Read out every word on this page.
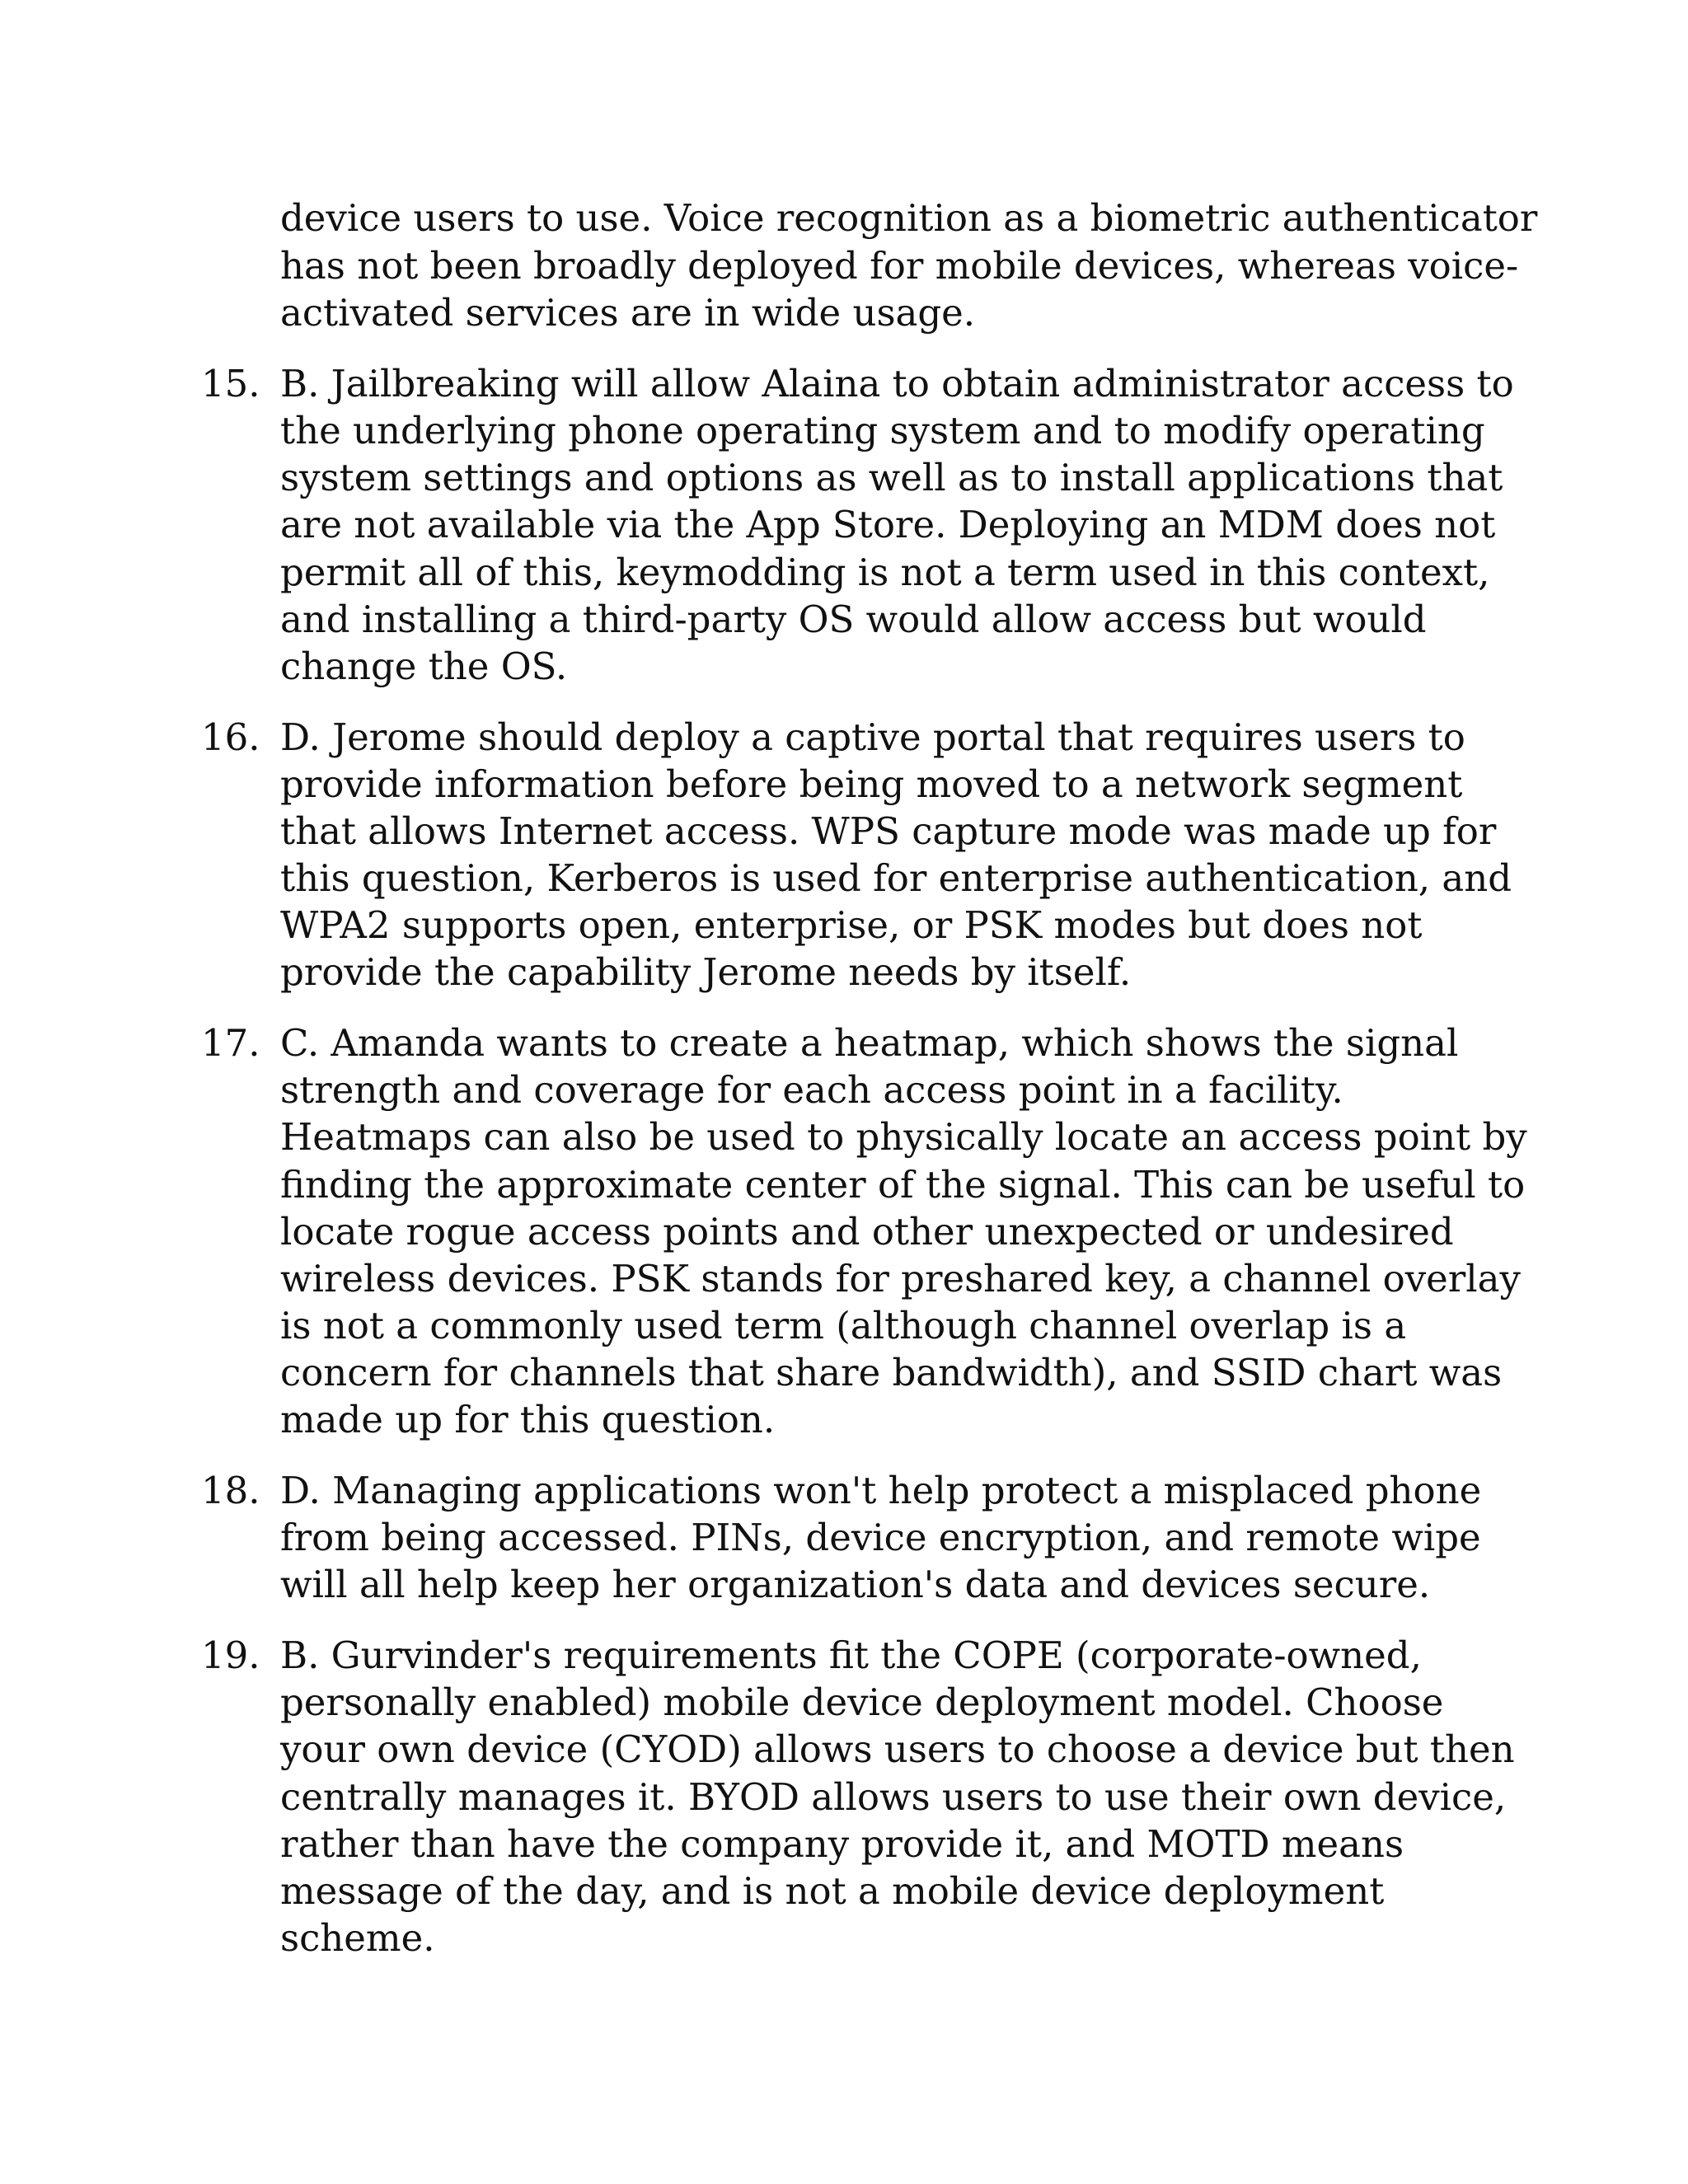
device users to use. Voice recognition as a biometric authenticator
has not been broadly deployed for mobile devices, whereas voice-
activated services are in wide usage.
15. B. Jailbreaking will allow Alaina to obtain administrator access to
the underlying phone operating system and to modify operating
system settings and options as well as to install applications that
are not available via the App Store. Deploying an MDM does not
permit all of this, keymodding is not a term used in this context,
and installing a third-party OS would allow access but would
change the OS.
16. D. Jerome should deploy a captive portal that requires users to
provide information before being moved to a network segment
that allows Internet access. WPS capture mode was made up for
this question, Kerberos is used for enterprise authentication, and
WPA2 supports open, enterprise, or PSK modes but does not
provide the capability Jerome needs by itself.
17. C. Amanda wants to create a heatmap, which shows the signal
strength and coverage for each access point in a facility.
Heatmaps can also be used to physically locate an access point by
finding the approximate center of the signal. This can be useful to
locate rogue access points and other unexpected or undesired
wireless devices. PSK stands for preshared key, a channel overlay
is not a commonly used term (although channel overlap is a
concern for channels that share bandwidth), and SSID chart was
made up for this question.
18. D. Managing applications won't help protect a misplaced phone
from being accessed. PINs, device encryption, and remote wipe
will all help keep her organization's data and devices secure.
19. B. Gurvinder's requirements fit the COPE (corporate-owned,
personally enabled) mobile device deployment model. Choose
your own device (CYOD) allows users to choose a device but then
centrally manages it. BYOD allows users to use their own device,
rather than have the company provide it, and MOTD means
message of the day, and is not a mobile device deployment
scheme.
